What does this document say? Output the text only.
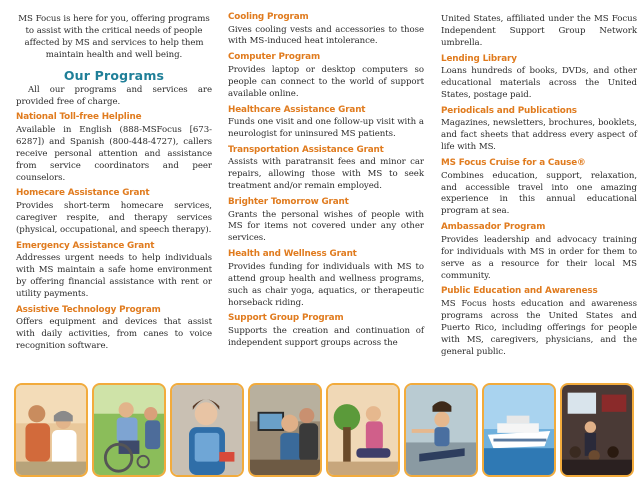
MS Focus is here for you, offering programs to assist with the critical needs of people affected by MS and services to help them maintain health and well being.

Our Programs

All our programs and services are provided free of charge.

National Toll-free Helpline

Available in English (888-MSFocus [673-6287]) and Spanish (800-448-4727), callers receive personal attention and assistance from service coordinators and peer counselors.

Homecare Assistance Grant

Provides short-term homecare services, caregiver respite, and therapy services (physical, occupational, and speech therapy).

Emergency Assistance Grant

Addresses urgent needs to help individuals with MS maintain a safe home environment by offering financial assistance with rent or utility payments.

Assistive Technology Program

Offers equipment and devices that assist with daily activities, from canes to voice recognition software.

Cooling Program

Gives cooling vests and accessories to those with MS-induced heat intolerance.

Computer Program

Provides laptop or desktop computers so people can connect to the world of support available online.

Healthcare Assistance Grant

Funds one visit and one follow-up visit with a neurologist for uninsured MS patients.

Transportation Assistance Grant

Assists with paratransit fees and minor car repairs, allowing those with MS to seek treatment and/or remain employed.

Brighter Tomorrow Grant

Grants the personal wishes of people with MS for items not covered under any other services.

Health and Wellness Grant

Provides funding for individuals with MS to attend group health and wellness programs, such as chair yoga, aquatics, or therapeutic horseback riding.

Support Group Program

Supports the creation and continuation of independent support groups across the

United States, affiliated under the MS Focus Independent Support Group Network umbrella.

Lending Library

Loans hundreds of books, DVDs, and other educational materials across the United States, postage paid.

Periodicals and Publications

Magazines, newsletters, brochures, booklets, and fact sheets that address every aspect of life with MS.

MS Focus Cruise for a Cause®

Combines education, support, relaxation, and accessible travel into one amazing experience in this annual educational program at sea.

Ambassador Program

Provides leadership and advocacy training for individuals with MS in order for them to serve as a resource for their local MS community.

Public Education and Awareness

MS Focus hosts education and awareness programs across the United States and Puerto Rico, including offerings for people with MS, caregivers, physicians, and the general public.
